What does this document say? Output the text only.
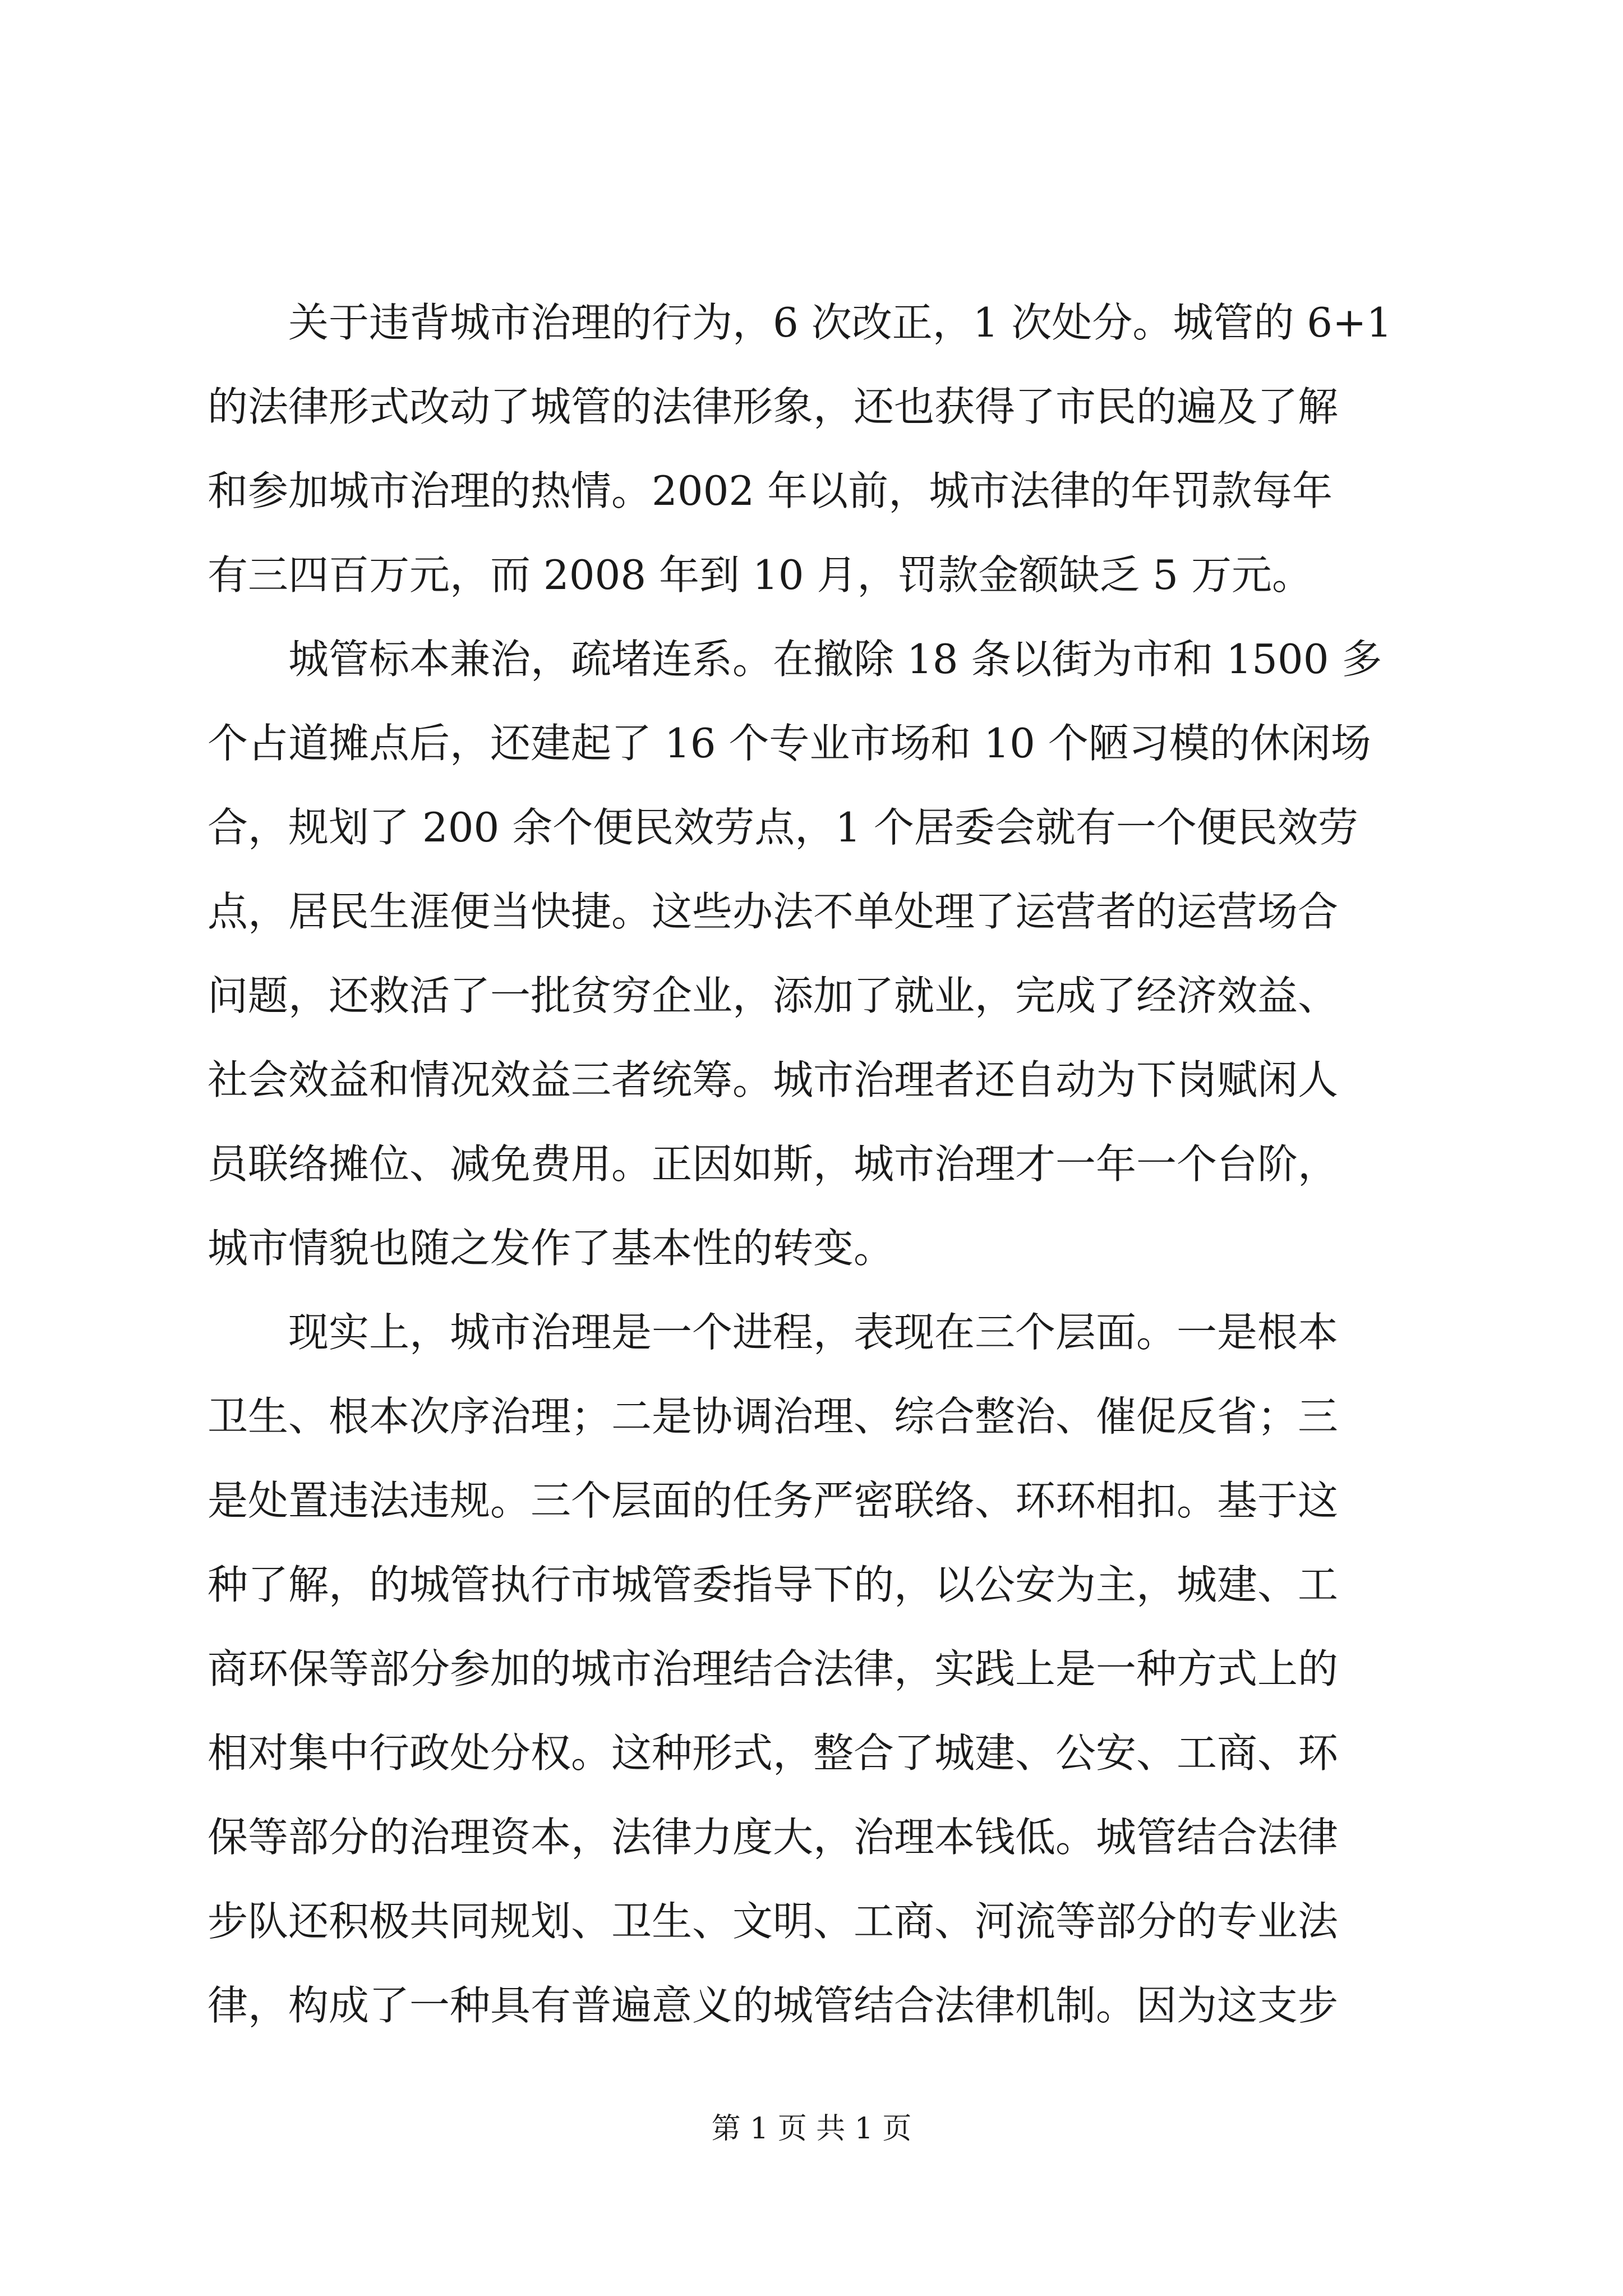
　　关于违背城市治理的行为，6 次改正，1 次处分。城管的 6+1
的法律形式改动了城管的法律形象，还也获得了市民的遍及了解
和参加城市治理的热情。2002 年以前，城市法律的年罚款每年
有三四百万元，而 2008 年到 10 月，罚款金额缺乏 5 万元。
　　城管标本兼治，疏堵连系。在撤除 18 条以街为市和 1500 多
个占道摊点后，还建起了 16 个专业市场和 10 个陋习模的休闲场
合，规划了 200 余个便民效劳点，1 个居委会就有一个便民效劳
点，居民生涯便当快捷。这些办法不单处理了运营者的运营场合
问题，还救活了一批贫穷企业，添加了就业，完成了经济效益、
社会效益和情况效益三者统筹。城市治理者还自动为下岗赋闲人
员联络摊位、减免费用。正因如斯，城市治理才一年一个台阶，
城市情貌也随之发作了基本性的转变。
　　现实上，城市治理是一个进程，表现在三个层面。一是根本
卫生、根本次序治理；二是协调治理、综合整治、催促反省；三
是处置违法违规。三个层面的任务严密联络、环环相扣。基于这
种了解，的城管执行市城管委指导下的，以公安为主，城建、工
商环保等部分参加的城市治理结合法律，实践上是一种方式上的
相对集中行政处分权。这种形式，整合了城建、公安、工商、环
保等部分的治理资本，法律力度大，治理本钱低。城管结合法律
步队还积极共同规划、卫生、文明、工商、河流等部分的专业法
律，构成了一种具有普遍意义的城管结合法律机制。因为这支步
第 1 页 共 1 页
